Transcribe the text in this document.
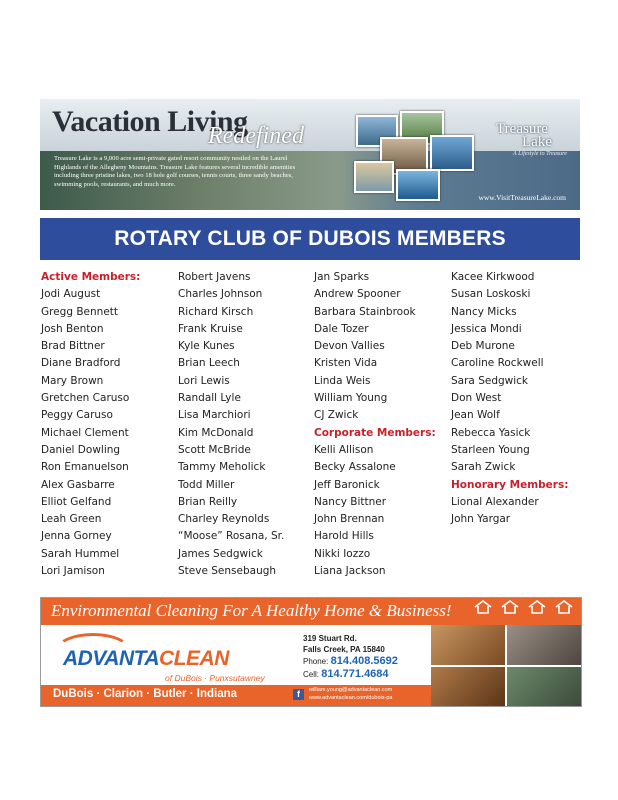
Vacation Living
Redefined
Treasure Lake is a 9,000 acre semi-private gated resort community nestled on the Laurel Highlands of the Allegheny Mountains. Treasure Lake features several incredible amenities including three pristine lakes, two 18 hole golf courses, tennis courts, three sandy beaches, swimming pools, restaurants, and much more.
Treasure
Lake
A Lifestyle to Treasure
www.VisitTreasureLake.com
ROTARY CLUB OF DUBOIS MEMBERS
Active Members:
Jodi August
Gregg Bennett
Josh Benton
Brad Bittner
Diane Bradford
Mary Brown
Gretchen Caruso
Peggy Caruso
Michael Clement
Daniel Dowling
Ron Emanuelson
Alex Gasbarre
Elliot Gelfand
Leah Green
Jenna Gorney
Sarah Hummel
Lori Jamison
Robert Javens
Charles Johnson
Richard Kirsch
Frank Kruise
Kyle Kunes
Brian Leech
Lori Lewis
Randall Lyle
Lisa Marchiori
Kim McDonald
Scott McBride
Tammy Meholick
Todd Miller
Brian Reilly
Charley Reynolds
“Moose” Rosana, Sr.
James Sedgwick
Steve Sensebaugh
Jan Sparks
Andrew Spooner
Barbara Stainbrook
Dale Tozer
Devon Vallies
Kristen Vida
Linda Weis
William Young
CJ Zwick
Corporate Members:
Kelli Allison
Becky Assalone
Jeff Baronick
Nancy Bittner
John Brennan
Harold Hills
Nikki Iozzo
Liana Jackson
Kacee Kirkwood
Susan Loskoski
Nancy Micks
Jessica Mondi
Deb Murone
Caroline Rockwell
Sara Sedgwick
Don West
Jean Wolf
Rebecca Yasick
Starleen Young
Sarah Zwick
Honorary Members:
Lional Alexander
John Yargar
Environmental Cleaning For A Healthy Home & Business!
ADVANTACLEAN
of DuBois · Punxsutawney
319 Stuart Rd.
Falls Creek, PA 15840
Phone: 814.408.5692
Cell: 814.771.4684
DuBois · Clarion · Butler · Indiana	f	william.young@advantaclean.com
www.advantaclean.com/dubois-pa
